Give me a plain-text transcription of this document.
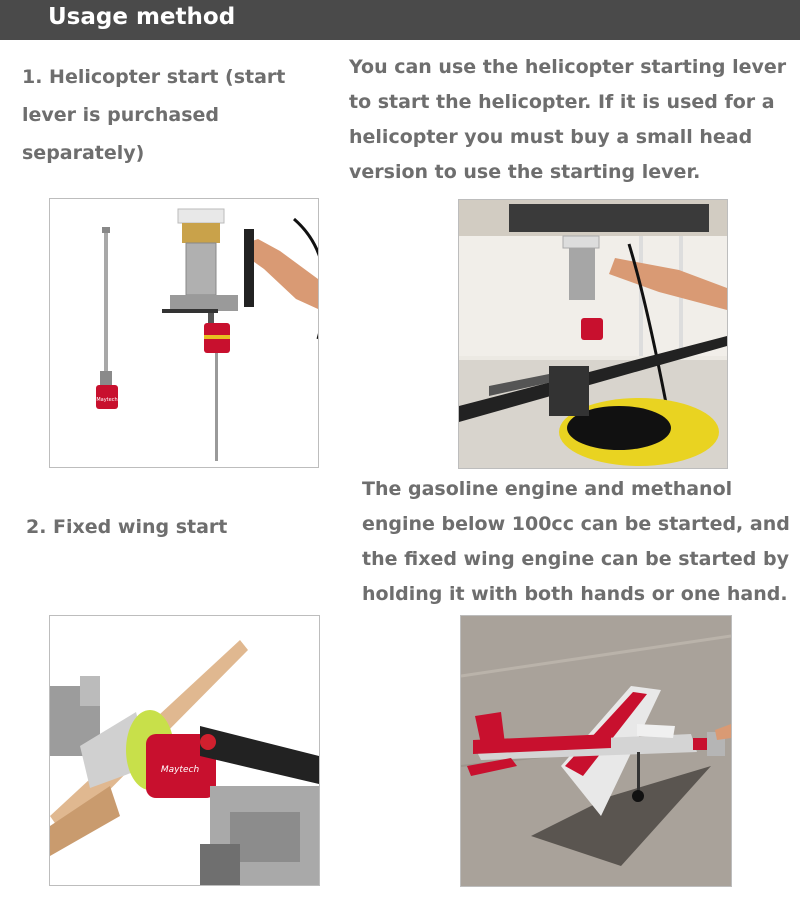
Usage method
1. Helicopter start (start lever is purchased separately)
You can use the helicopter starting lever to start the helicopter. If it is used for a helicopter you must buy a small head version to use the starting lever.
Maytech
The gasoline engine and methanol engine below 100cc can be started, and the fixed wing engine can be started by holding it with both hands or one hand.
2. Fixed wing start
Maytech
